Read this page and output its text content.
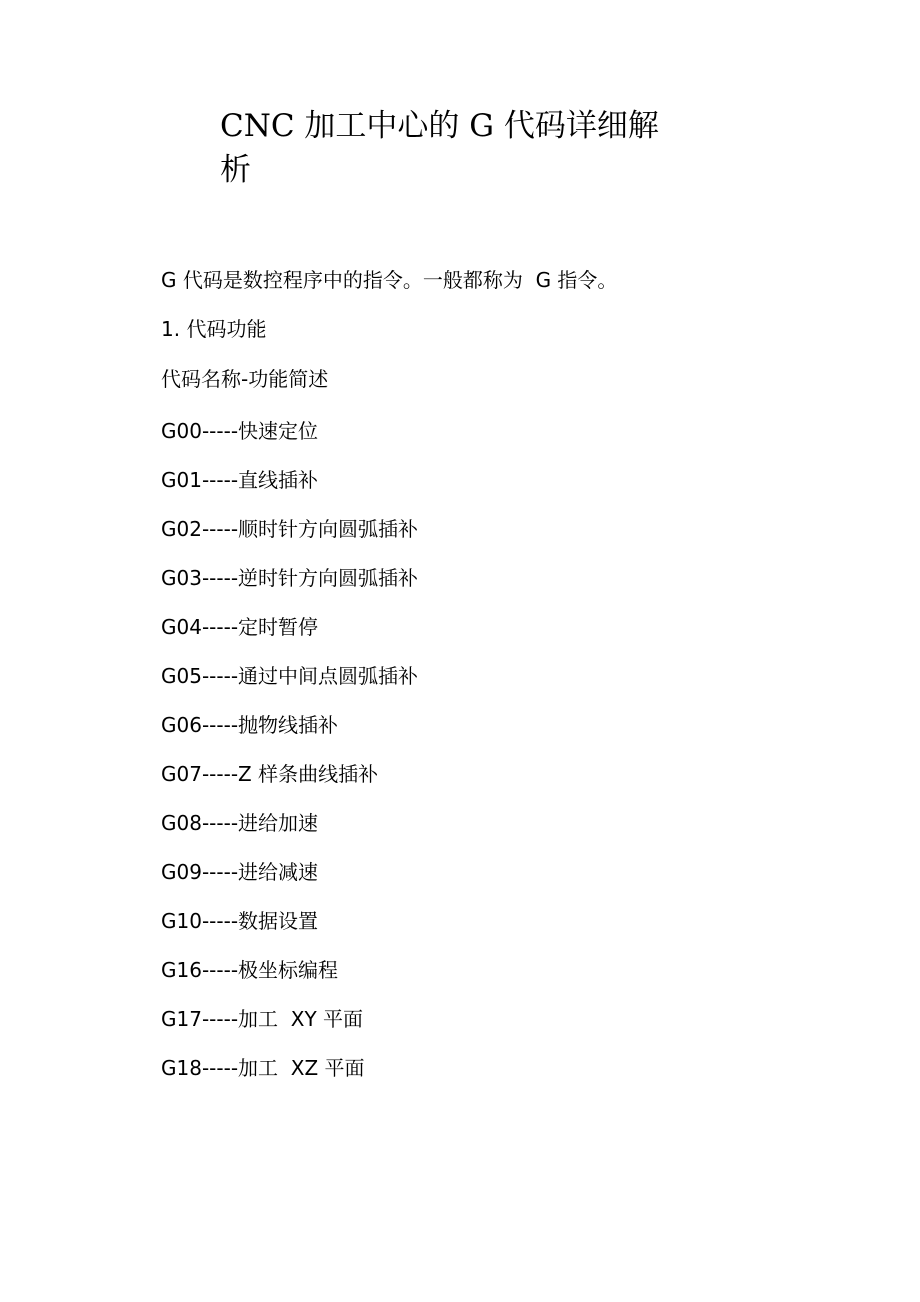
CNC 加工中心的 G 代码详细解析

G 代码是数控程序中的指令。一般都称为  G 指令。

1. 代码功能

代码名称-功能简述

G00-----快速定位
G01-----直线插补
G02-----顺时针方向圆弧插补
G03-----逆时针方向圆弧插补
G04-----定时暂停
G05-----通过中间点圆弧插补
G06-----抛物线插补
G07-----Z 样条曲线插补
G08-----进给加速
G09-----进给减速
G10-----数据设置
G16-----极坐标编程
G17-----加工  XY 平面
G18-----加工  XZ 平面
